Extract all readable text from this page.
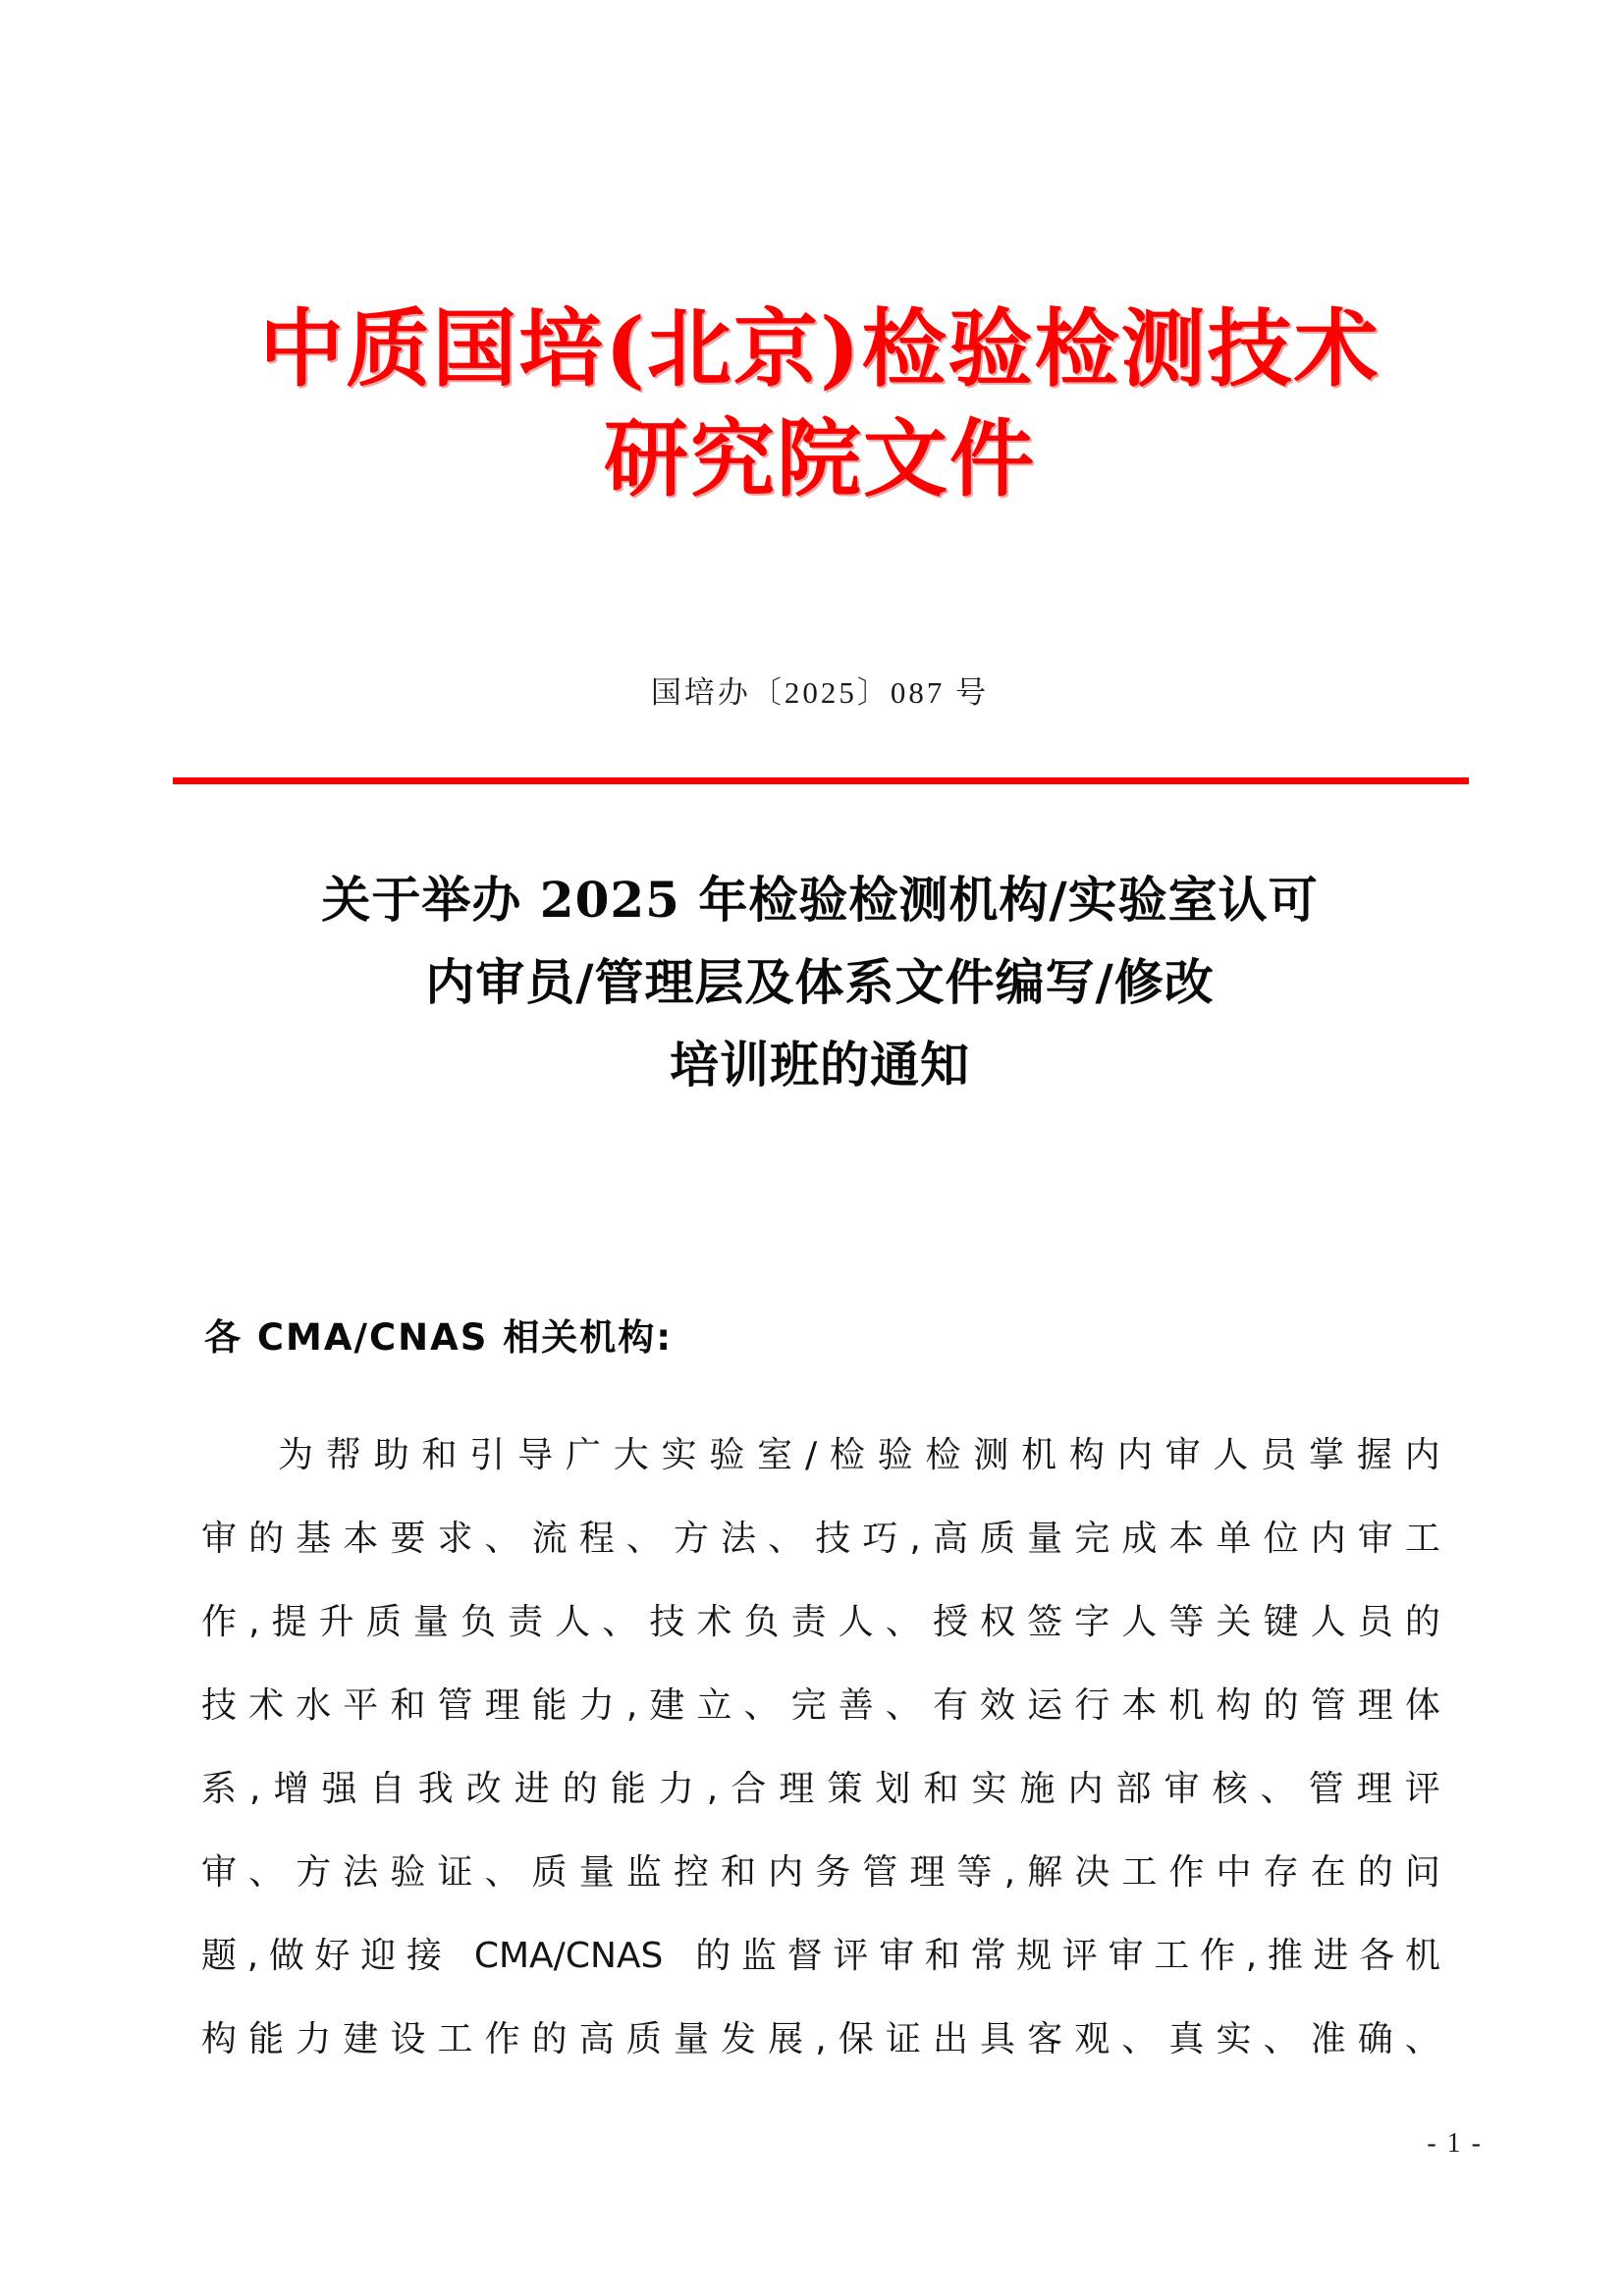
中质国培(北京)检验检测技术
研究院文件
国培办〔2025〕087 号
关于举办 2025 年检验检测机构/实验室认可
内审员/管理层及体系文件编写/修改
培训班的通知
各 CMA/CNAS 相关机构:
为 帮 助 和 引 导 广 大 实 验 室 / 检 验 检 测 机 构 内 审 人 员 掌 握 内
审 的 基 本 要 求 、 流 程 、 方 法 、 技 巧 , 高 质 量 完 成 本 单 位 内 审 工
作 , 提 升 质 量 负 责 人 、 技 术 负 责 人 、 授 权 签 字 人 等 关 键 人 员 的
技 术 水 平 和 管 理 能 力 , 建 立 、 完 善 、 有 效 运 行 本 机 构 的 管 理 体
系 , 增 强 自 我 改 进 的 能 力 , 合 理 策 划 和 实 施 内 部 审 核 、 管 理 评
审 、 方 法 验 证 、 质 量 监 控 和 内 务 管 理 等 , 解 决 工 作 中 存 在 的 问
题 , 做 好 迎 接
CMA/CNAS
的 监 督 评 审 和 常 规 评 审 工 作 , 推 进 各 机
构 能 力 建 设 工 作 的 高 质 量 发 展 , 保 证 出 具 客 观 、 真 实 、 准 确 、
- 1 -
